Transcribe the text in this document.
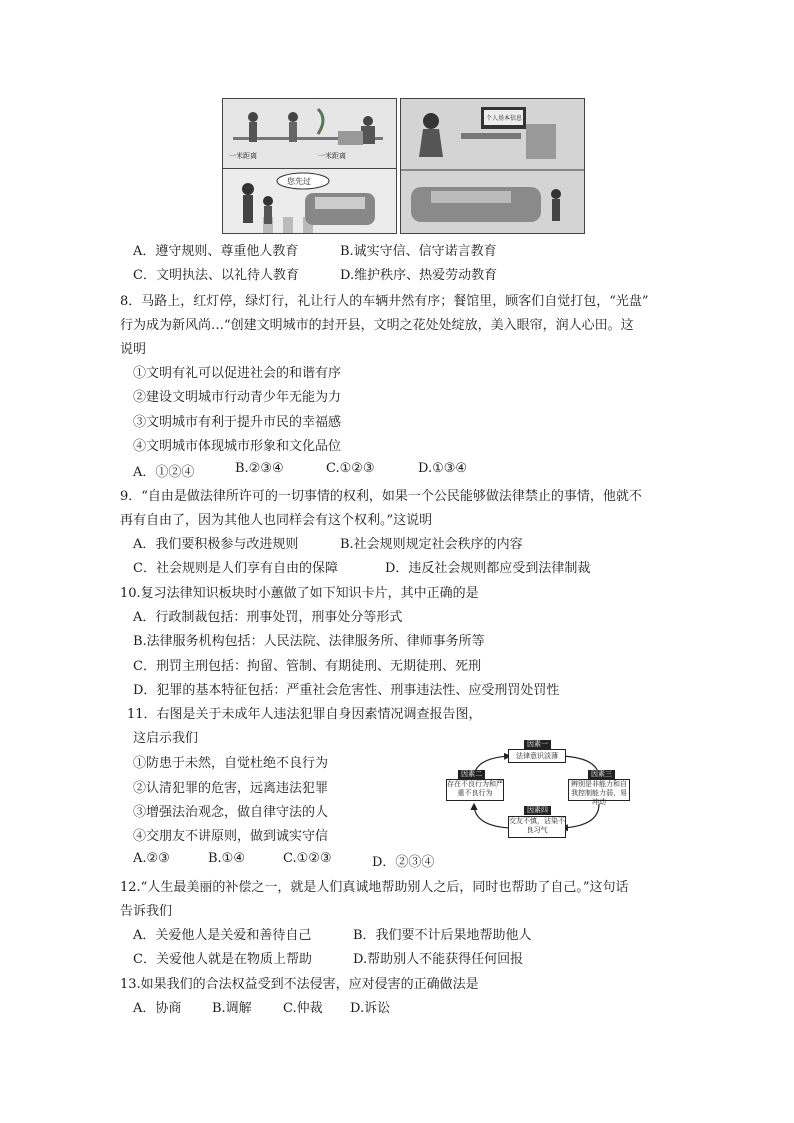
一米距离	一米距离
您先过
个人基本信息
A．遵守规则、尊重他人教育	B.诚实守信、信守诺言教育
C．文明执法、以礼待人教育	D.维护秩序、热爱劳动教育
8．马路上，红灯停，绿灯行，礼让行人的车辆井然有序；餐馆里，顾客们自觉打包，“光盘”
行为成为新风尚…“创建文明城市的封开县，文明之花处处绽放，美入眼帘，润人心田。这
说明
①文明有礼可以促进社会的和谐有序
②建设文明城市行动青少年无能为力
③文明城市有利于提升市民的幸福感
④文明城市体现城市形象和文化品位
A．①②④	B.②③④	C.①②③	D.①③④
9．“自由是做法律所许可的一切事情的权利，如果一个公民能够做法律禁止的事情，他就不
再有自由了，因为其他人也同样会有这个权利。”这说明
A．我们要积极参与改进规则	B.社会规则规定社会秩序的内容
C．社会规则是人们享有自由的保障	D．违反社会规则都应受到法律制裁
10.复习法律知识板块时小蕙做了如下知识卡片，其中正确的是
A．行政制裁包括：刑事处罚，刑事处分等形式
B.法律服务机构包括：人民法院、法律服务所、律师事务所等
C．刑罚主刑包括：拘留、管制、有期徒刑、无期徒刑、死刑
D．犯罪的基本特征包括：严重社会危害性、刑事违法性、应受刑罚处罚性
11．右图是关于未成年人违法犯罪自身因素情况调查报告图，
这启示我们
①防患于未然，自觉杜绝不良行为
②认清犯罪的危害，远离违法犯罪
③增强法治观念，做自律守法的人
④交朋友不讲原则，做到诚实守信
A.②③	B.①④	C.①②③	D．②③④
因素一
法律意识淡薄
因素二
存在不良行为和严重不良行为
因素三
辨别是非能力和自我控制能力弱，易冲动
因素四
交友不慎，沾染不良习气
12.“人生最美丽的补偿之一，就是人们真诚地帮助别人之后，同时也帮助了自己。”这句话
告诉我们
A．关爱他人是关爱和善待自己	B．我们要不计后果地帮助他人
C．关爱他人就是在物质上帮助	D.帮助别人不能获得任何回报
13.如果我们的合法权益受到不法侵害，应对侵害的正确做法是
A．协商 B.调解 C.仲裁 D.诉讼
